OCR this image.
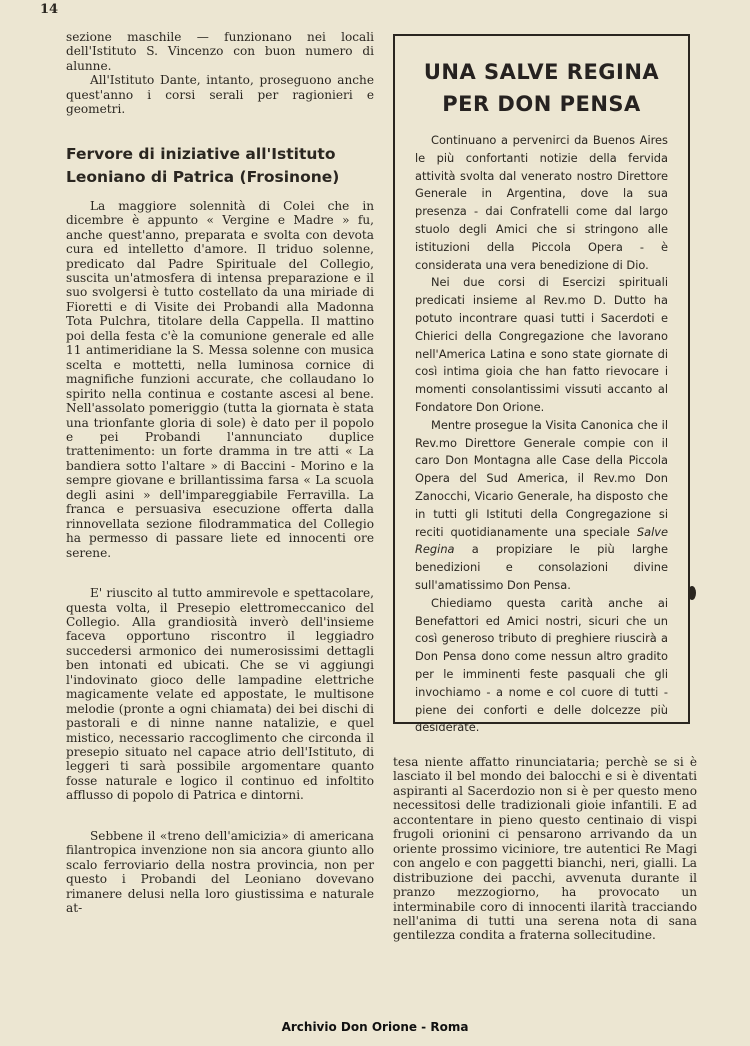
14

sezione maschile — funzionano nei locali dell'Istituto S. Vincenzo con buon numero di alunne.

All'Istituto Dante, intanto, proseguono anche quest'anno i corsi serali per ragionieri e geometri.

Fervore di iniziative all'Istituto Leoniano di Patrica (Frosinone)

La maggiore solennità di Colei che in dicembre è appunto « Vergine e Madre » fu, anche quest'anno, preparata e svolta con devota cura ed intelletto d'amore. Il triduo solenne, predicato dal Padre Spirituale del Collegio, suscita un'atmosfera di intensa preparazione e il suo svolgersi è tutto costellato da una miriade di Fioretti e di Visite dei Probandi alla Madonna Tota Pulchra, titolare della Cappella. Il mattino poi della festa c'è la comunione generale ed alle 11 antimeridiane la S. Messa solenne con musica scelta e mottetti, nella luminosa cornice di magnifiche funzioni accurate, che collaudano lo spirito nella continua e costante ascesi al bene. Nell'assolato pomeriggio (tutta la giornata è stata una trionfante gloria di sole) è dato per il popolo e pei Probandi l'annunciato duplice trattenimento: un forte dramma in tre atti « La bandiera sotto l'altare » di Baccini - Morino e la sempre giovane e brillantissima farsa « La scuola degli asini » dell'impareggiabile Ferravilla. La franca e persuasiva esecuzione offerta dalla rinnovellata sezione filodrammatica del Collegio ha permesso di passare liete ed innocenti ore serene.

E' riuscito al tutto ammirevole e spettacolare, questa volta, il Presepio elettromeccanico del Collegio. Alla grandiosità inverò dell'insieme faceva opportuno riscontro il leggiadro succedersi armonico dei numerosissimi dettagli ben intonati ed ubicati. Che se vi aggiungi l'indovinato gioco delle lampadine elettriche magicamente velate ed appostate, le multisone melodie (pronte a ogni chiamata) dei bei dischi di pastorali e di ninne nanne natalizie, e quel mistico, necessario raccoglimento che circonda il presepio situato nel capace atrio dell'Istituto, di leggeri ti sarà possibile argomentare quanto fosse naturale e logico il continuo ed infoltito afflusso di popolo di Patrica e dintorni.

Sebbene il «treno dell'amicizia» di americana filantropica invenzione non sia ancora giunto allo scalo ferroviario della nostra provincia, non per questo i Probandi del Leoniano dovevano rimanere delusi nella loro giustissima e naturale at-

UNA SALVE REGINA
PER DON PENSA

Continuano a pervenirci da Buenos Aires le più confortanti notizie della fervida attività svolta dal venerato nostro Direttore Generale in Argentina, dove la sua presenza - dai Confratelli come dal largo stuolo degli Amici che si stringono alle istituzioni della Piccola Opera - è considerata una vera benedizione di Dio.

Nei due corsi di Esercizi spirituali predicati insieme al Rev.mo D. Dutto ha potuto incontrare quasi tutti i Sacerdoti e Chierici della Congregazione che lavorano nell'America Latina e sono state giornate di così intima gioia che han fatto rievocare i momenti consolantissimi vissuti accanto al Fondatore Don Orione.

Mentre prosegue la Visita Canonica che il Rev.mo Direttore Generale compie con il caro Don Montagna alle Case della Piccola Opera del Sud America, il Rev.mo Don Zanocchi, Vicario Generale, ha disposto che in tutti gli Istituti della Congregazione si reciti quotidianamente una speciale Salve Regina a propiziare le più larghe benedizioni e consolazioni divine sull'amatissimo Don Pensa.

Chiediamo questa carità anche ai Benefattori ed Amici nostri, sicuri che un così generoso tributo di preghiere riuscirà a Don Pensa dono come nessun altro gradito per le imminenti feste pasquali che gli invochiamo - a nome e col cuore di tutti - piene dei conforti e delle dolcezze più desiderate.

tesa niente affatto rinunciataria; perchè se si è lasciato il bel mondo dei balocchi e si è diventati aspiranti al Sacerdozio non si è per questo meno necessitosi delle tradizionali gioie infantili. E ad accontentare in pieno questo centinaio di vispi frugoli orionini ci pensarono arrivando da un oriente prossimo viciniore, tre autentici Re Magi con angelo e con paggetti bianchi, neri, gialli. La distribuzione dei pacchi, avvenuta durante il pranzo mezzogiorno, ha provocato un interminabile coro di innocenti ilarità tracciando nell'anima di tutti una serena nota di sana gentilezza condita a fraterna sollecitudine.

Archivio Don Orione - Roma
